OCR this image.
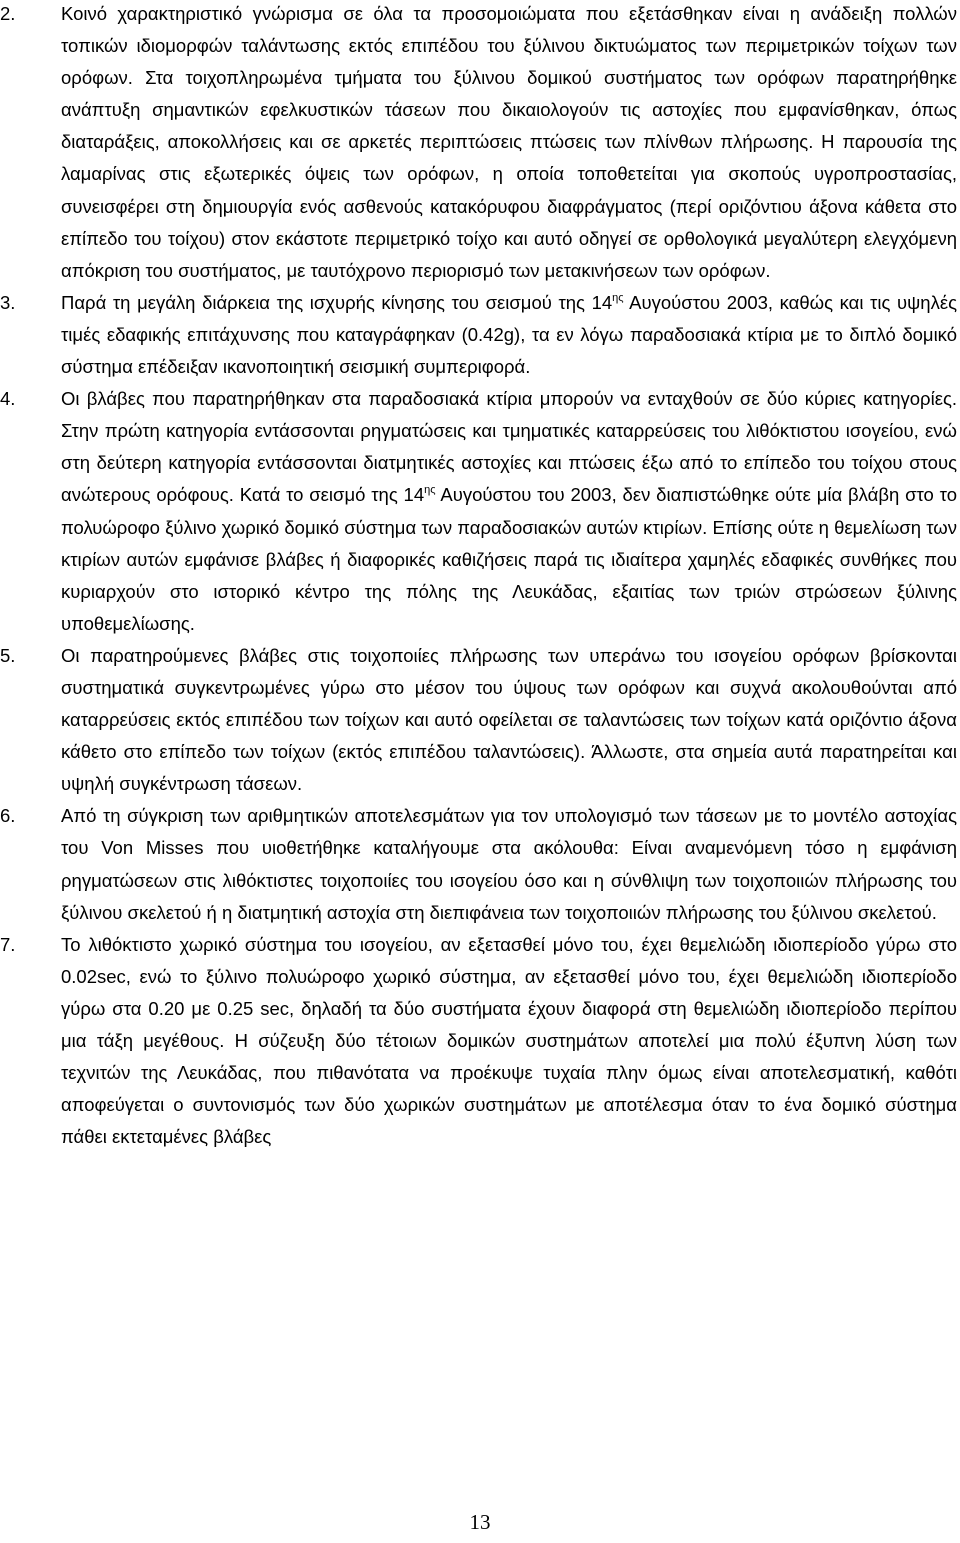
2. Κοινό χαρακτηριστικό γνώρισμα σε όλα τα προσομοιώματα που εξετάσθηκαν είναι η ανάδειξη πολλών τοπικών ιδιομορφών ταλάντωσης εκτός επιπέδου του ξύλινου δικτυώματος των περιμετρικών τοίχων των ορόφων. Στα τοιχοπληρωμένα τμήματα του ξύλινου δομικού συστήματος των ορόφων παρατηρήθηκε ανάπτυξη σημαντικών εφελκυστικών τάσεων που δικαιολογούν τις αστοχίες που εμφανίσθηκαν, όπως διαταράξεις, αποκολλήσεις και σε αρκετές περιπτώσεις πτώσεις των πλίνθων πλήρωσης. Η παρουσία της λαμαρίνας στις εξωτερικές όψεις των ορόφων, η οποία τοποθετείται για σκοπούς υγροπροστασίας, συνεισφέρει στη δημιουργία ενός ασθενούς κατακόρυφου διαφράγματος (περί οριζόντιου άξονα κάθετα στο επίπεδο του τοίχου) στον εκάστοτε περιμετρικό τοίχο και αυτό οδηγεί σε ορθολογικά μεγαλύτερη ελεγχόμενη απόκριση του συστήματος, με ταυτόχρονο περιορισμό των μετακινήσεων των ορόφων.
3. Παρά τη μεγάλη διάρκεια της ισχυρής κίνησης του σεισμού της $14^{\eta\varsigma}$ Αυγούστου 2003, καθώς και τις υψηλές τιμές εδαφικής επιτάχυνσης που καταγράφηκαν (0.42g), τα εν λόγω παραδοσιακά κτίρια με το διπλό δομικό σύστημα επέδειξαν ικανοποιητική σεισμική συμπεριφορά.
4. Οι βλάβες που παρατηρήθηκαν στα παραδοσιακά κτίρια μπορούν να ενταχθούν σε δύο κύριες κατηγορίες. Στην πρώτη κατηγορία εντάσσονται ρηγματώσεις και τμηματικές καταρρεύσεις του λιθόκτιστου ισογείου, ενώ στη δεύτερη κατηγορία εντάσσονται διατμητικές αστοχίες και πτώσεις έξω από το επίπεδο του τοίχου στους ανώτερους ορόφους. Κατά το σεισμό της $14^{\eta\varsigma}$ Αυγούστου του 2003, δεν διαπιστώθηκε ούτε μία βλάβη στο το πολυώροφο ξύλινο χωρικό δομικό σύστημα των παραδοσιακών αυτών κτιρίων. Επίσης ούτε η θεμελίωση των κτιρίων αυτών εμφάνισε βλάβες ή διαφορικές καθιζήσεις παρά τις ιδιαίτερα χαμηλές εδαφικές συνθήκες που κυριαρχούν στο ιστορικό κέντρο της πόλης της Λευκάδας, εξαιτίας των τριών στρώσεων ξύλινης υποθεμελίωσης.
5. Οι παρατηρούμενες βλάβες στις τοιχοποιίες πλήρωσης των υπεράνω του ισογείου ορόφων βρίσκονται συστηματικά συγκεντρωμένες γύρω στο μέσον του ύψους των ορόφων και συχνά ακολουθούνται από καταρρεύσεις εκτός επιπέδου των τοίχων και αυτό οφείλεται σε ταλαντώσεις των τοίχων κατά οριζόντιο άξονα κάθετο στο επίπεδο των τοίχων (εκτός επιπέδου ταλαντώσεις). Άλλωστε, στα σημεία αυτά παρατηρείται και υψηλή συγκέντρωση τάσεων.
6. Από τη σύγκριση των αριθμητικών αποτελεσμάτων για τον υπολογισμό των τάσεων με το μοντέλο αστοχίας του Von Misses που υιοθετήθηκε καταλήγουμε στα ακόλουθα: Είναι αναμενόμενη τόσο η εμφάνιση ρηγματώσεων στις λιθόκτιστες τοιχοποιίες του ισογείου όσο και η σύνθλιψη των τοιχοποιιών πλήρωσης του ξύλινου σκελετού ή η διατμητική αστοχία στη διεπιφάνεια των τοιχοποιιών πλήρωσης του ξύλινου σκελετού.
7. Το λιθόκτιστο χωρικό σύστημα του ισογείου, αν εξετασθεί μόνο του, έχει θεμελιώδη ιδιοπερίοδο γύρω στο 0.02sec, ενώ το ξύλινο πολυώροφο χωρικό σύστημα, αν εξετασθεί μόνο του, έχει θεμελιώδη ιδιοπερίοδο γύρω στα 0.20 με 0.25 sec, δηλαδή τα δύο συστήματα έχουν διαφορά στη θεμελιώδη ιδιοπερίοδο περίπου μια τάξη μεγέθους. Η σύζευξη δύο τέτοιων δομικών συστημάτων αποτελεί μια πολύ έξυπνη λύση των τεχνιτών της Λευκάδας, που πιθανότατα να προέκυψε τυχαία πλην όμως είναι αποτελεσματική, καθότι αποφεύγεται ο συντονισμός των δύο χωρικών συστημάτων με αποτέλεσμα όταν το ένα δομικό σύστημα πάθει εκτεταμένες βλάβες
13
